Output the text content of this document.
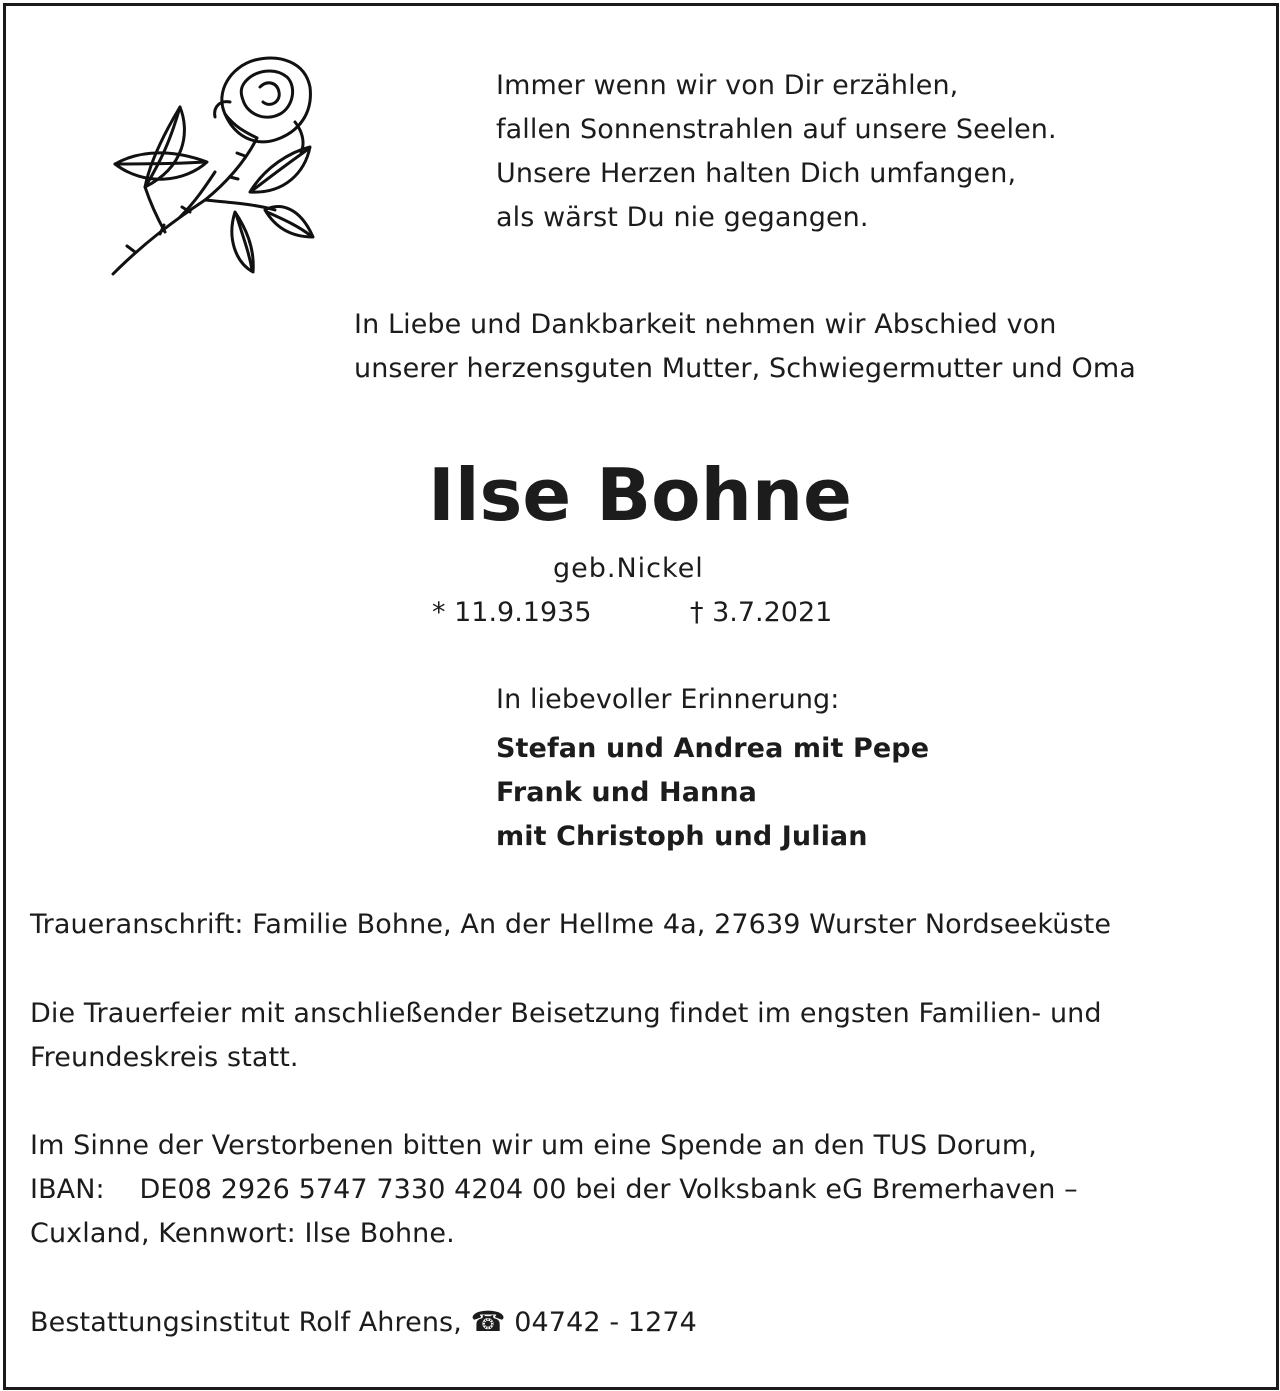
Immer wenn wir von Dir erzählen,
fallen Sonnenstrahlen auf unsere Seelen.
Unsere Herzen halten Dich umfangen,
als wärst Du nie gegangen.

In Liebe und Dankbarkeit nehmen wir Abschied von
unserer herzensguten Mutter, Schwiegermutter und Oma

Ilse Bohne
geb.Nickel
* 11.9.1935	† 3.7.2021

In liebevoller Erinnerung:

Stefan und Andrea mit Pepe
Frank und Hanna
mit Christoph und Julian

Traueranschrift: Familie Bohne, An der Hellme 4a, 27639 Wurster Nordseeküste

Die Trauerfeier mit anschließender Beisetzung findet im engsten Familien- und
Freundeskreis statt.

Im Sinne der Verstorbenen bitten wir um eine Spende an den TUS Dorum,
IBAN:    DE08 2926 5747 7330 4204 00 bei der Volksbank eG Bremerhaven –
Cuxland, Kennwort: Ilse Bohne.

Bestattungsinstitut Rolf Ahrens, ☎ 04742 - 1274
